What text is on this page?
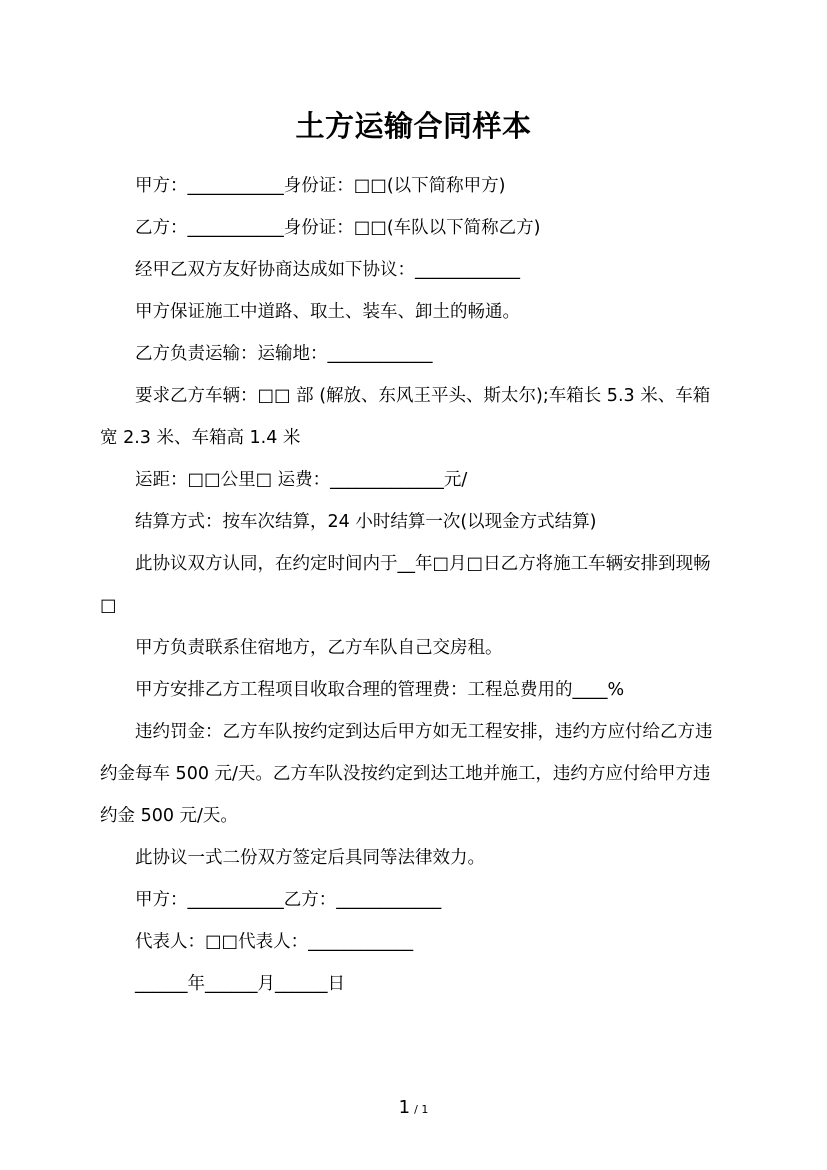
土方运输合同样本
　　甲方：___________身份证：□□(以下简称甲方)
　　乙方：___________身份证：□□(车队以下简称乙方)
　　经甲乙双方友好协商达成如下协议：____________
　　甲方保证施工中道路、取土、装车、卸土的畅通。
　　乙方负责运输：运输地：____________
　　要求乙方车辆：□□ 部 (解放、东风王平头、斯太尔);车箱长 5.3 米、车箱宽 2.3 米、车箱高 1.4 米
　　运距：□□公里□ 运费：_____________元/
　　结算方式：按车次结算，24 小时结算一次(以现金方式结算)
　　此协议双方认同，在约定时间内于__年□月□日乙方将施工车辆安排到现畅 □
　　甲方负责联系住宿地方，乙方车队自己交房租。
　　甲方安排乙方工程项目收取合理的管理费：工程总费用的____%
　　违约罚金：乙方车队按约定到达后甲方如无工程安排，违约方应付给乙方违约金每车 500 元/天。乙方车队没按约定到达工地并施工，违约方应付给甲方违约金 500 元/天。
　　此协议一式二份双方签定后具同等法律效力。
　　甲方：___________乙方：____________
　　代表人：□□代表人：____________
　　______年______月______日
1 / 1
